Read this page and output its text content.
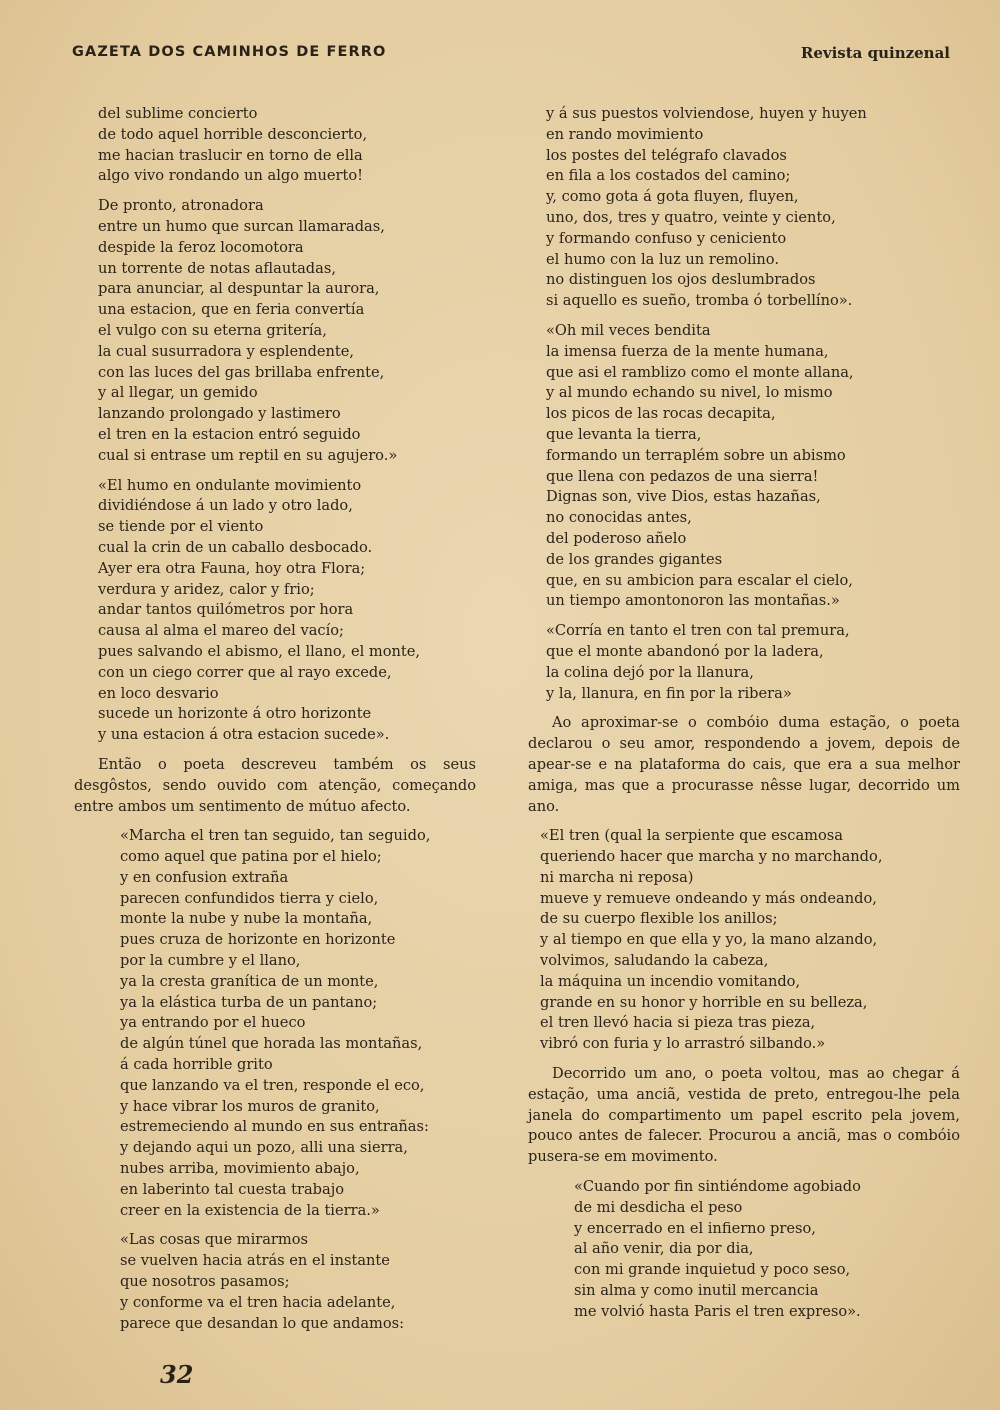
GAZETA DOS CAMINHOS DE FERRO	Revista quinzenal
del sublime concierto
de todo aquel horrible desconcierto,
me hacian traslucir en torno de ella
algo vivo rondando un algo muerto!
De pronto, atronadora
entre un humo que surcan llamaradas,
despide la feroz locomotora
un torrente de notas aflautadas,
para anunciar, al despuntar la aurora,
una estacion, que en feria convertía
el vulgo con su eterna gritería,
la cual susurradora y esplendente,
con las luces del gas brillaba enfrente,
y al llegar, un gemido
lanzando prolongado y lastimero
el tren en la estacion entró seguido
cual si entrase um reptil en su agujero.»
«El humo en ondulante movimiento
dividiéndose á un lado y otro lado,
se tiende por el viento
cual la crin de un caballo desbocado.
Ayer era otra Fauna, hoy otra Flora;
verdura y aridez, calor y frio;
andar tantos quilómetros por hora
causa al alma el mareo del vacío;
pues salvando el abismo, el llano, el monte,
con un ciego correr que al rayo excede,
en loco desvario
sucede un horizonte á otro horizonte
y una estacion á otra estacion sucede».
Então o poeta descreveu também os seus desgôstos, sendo ouvido com atenção, começando entre ambos um sentimento de mútuo afecto.
«Marcha el tren tan seguido, tan seguido,
como aquel que patina por el hielo;
y en confusion extraña
parecen confundidos tierra y cielo,
monte la nube y nube la montaña,
pues cruza de horizonte en horizonte
por la cumbre y el llano,
ya la cresta granítica de un monte,
ya la elástica turba de un pantano;
ya entrando por el hueco
de algún túnel que horada las montañas,
á cada horrible grito
que lanzando va el tren, responde el eco,
y hace vibrar los muros de granito,
estremeciendo al mundo en sus entrañas:
y dejando aqui un pozo, alli una sierra,
nubes arriba, movimiento abajo,
en laberinto tal cuesta trabajo
creer en la existencia de la tierra.»
«Las cosas que mirarmos
se vuelven hacia atrás en el instante
que nosotros pasamos;
y conforme va el tren hacia adelante,
parece que desandan lo que andamos:
y á sus puestos volviendose, huyen y huyen
en rando movimiento
los postes del telégrafo clavados
en fila a los costados del camino;
y, como gota á gota fluyen, fluyen,
uno, dos, tres y quatro, veinte y ciento,
y formando confuso y ceniciento
el humo con la luz un remolino.
no distinguen los ojos deslumbrados
si aquello es sueño, tromba ó torbellíno».
«Oh mil veces bendita
la imensa fuerza de la mente humana,
que asi el ramblizo como el monte allana,
y al mundo echando su nivel, lo mismo
los picos de las rocas decapita,
que levanta la tierra,
formando un terraplém sobre un abismo
que llena con pedazos de una sierra!
Dignas son, vive Dios, estas hazañas,
no conocidas antes,
del poderoso añelo
de los grandes gigantes
que, en su ambicion para escalar el cielo,
un tiempo amontonoron las montañas.»
«Corría en tanto el tren con tal premura,
que el monte abandonó por la ladera,
la colina dejó por la llanura,
y la, llanura, en fin por la ribera»
Ao aproximar-se o combóio duma estação, o poeta declarou o seu amor, respondendo a jovem, depois de apear-se e na plataforma do cais, que era a sua melhor amiga, mas que a procurasse nêsse lugar, decorrido um ano.
«El tren (qual la serpiente que escamosa
queriendo hacer que marcha y no marchando,
ni marcha ni reposa)
mueve y remueve ondeando y más ondeando,
de su cuerpo flexible los anillos;
y al tiempo en que ella y yo, la mano alzando,
volvimos, saludando la cabeza,
la máquina un incendio vomitando,
grande en su honor y horrible en su belleza,
el tren llevó hacia si pieza tras pieza,
vibró con furia y lo arrastró silbando.»
Decorrido um ano, o poeta voltou, mas ao chegar á estação, uma anciã, vestida de preto, entregou-lhe pela janela do compartimento um papel escrito pela jovem, pouco antes de falecer. Procurou a anciã, mas o combóio pusera-se em movimento.
«Cuando por fin sintiéndome agobiado
de mi desdicha el peso
y encerrado en el infierno preso,
al año venir, dia por dia,
con mi grande inquietud y poco seso,
sin alma y como inutil mercancia
me volvió hasta Paris el tren expreso».
32
